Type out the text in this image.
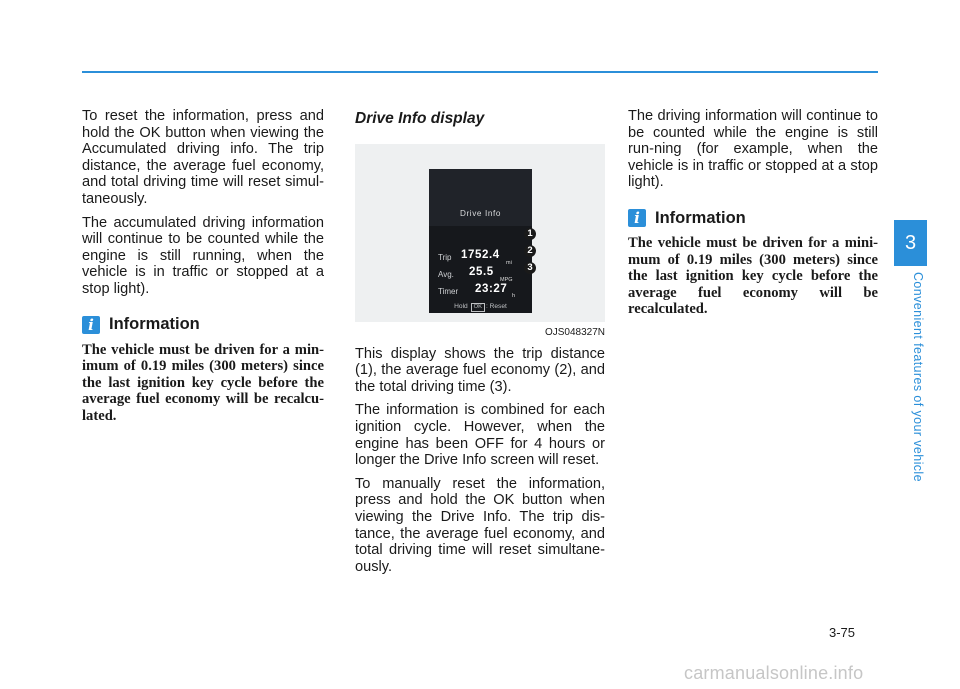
To reset the information, press and hold the OK button when viewing the Accumulated driving info. The trip distance, the average fuel economy, and total driving time will reset simul-taneously.

The accumulated driving information will continue to be counted while the engine is still running, when the vehicle is in traffic or stopped at a stop light).

i Information

The vehicle must be driven for a min-imum of 0.19 miles (300 meters) since the last ignition key cycle before the average fuel economy will be recalcu-lated.

Drive Info display
Drive Info
Trip 1752.4
mi
Avg. 25.5
MPG
Timer 23:27
h
Hold OK : Reset
1
2
3
OJS048327N

This display shows the trip distance (1), the average fuel economy (2), and the total driving time (3).

The information is combined for each ignition cycle. However, when the engine has been OFF for 4 hours or longer the Drive Info screen will reset.

To manually reset the information, press and hold the OK button when viewing the Drive Info. The trip dis-tance, the average fuel economy, and total driving time will reset simultane-ously.

The driving information will continue to be counted while the engine is still run-ning (for example, when the vehicle is in traffic or stopped at a stop light).

i Information

The vehicle must be driven for a mini-mum of 0.19 miles (300 meters) since the last ignition key cycle before the average fuel economy will be recalculated.

3
Convenient features of your vehicle
3-75
carmanualsonline.info
